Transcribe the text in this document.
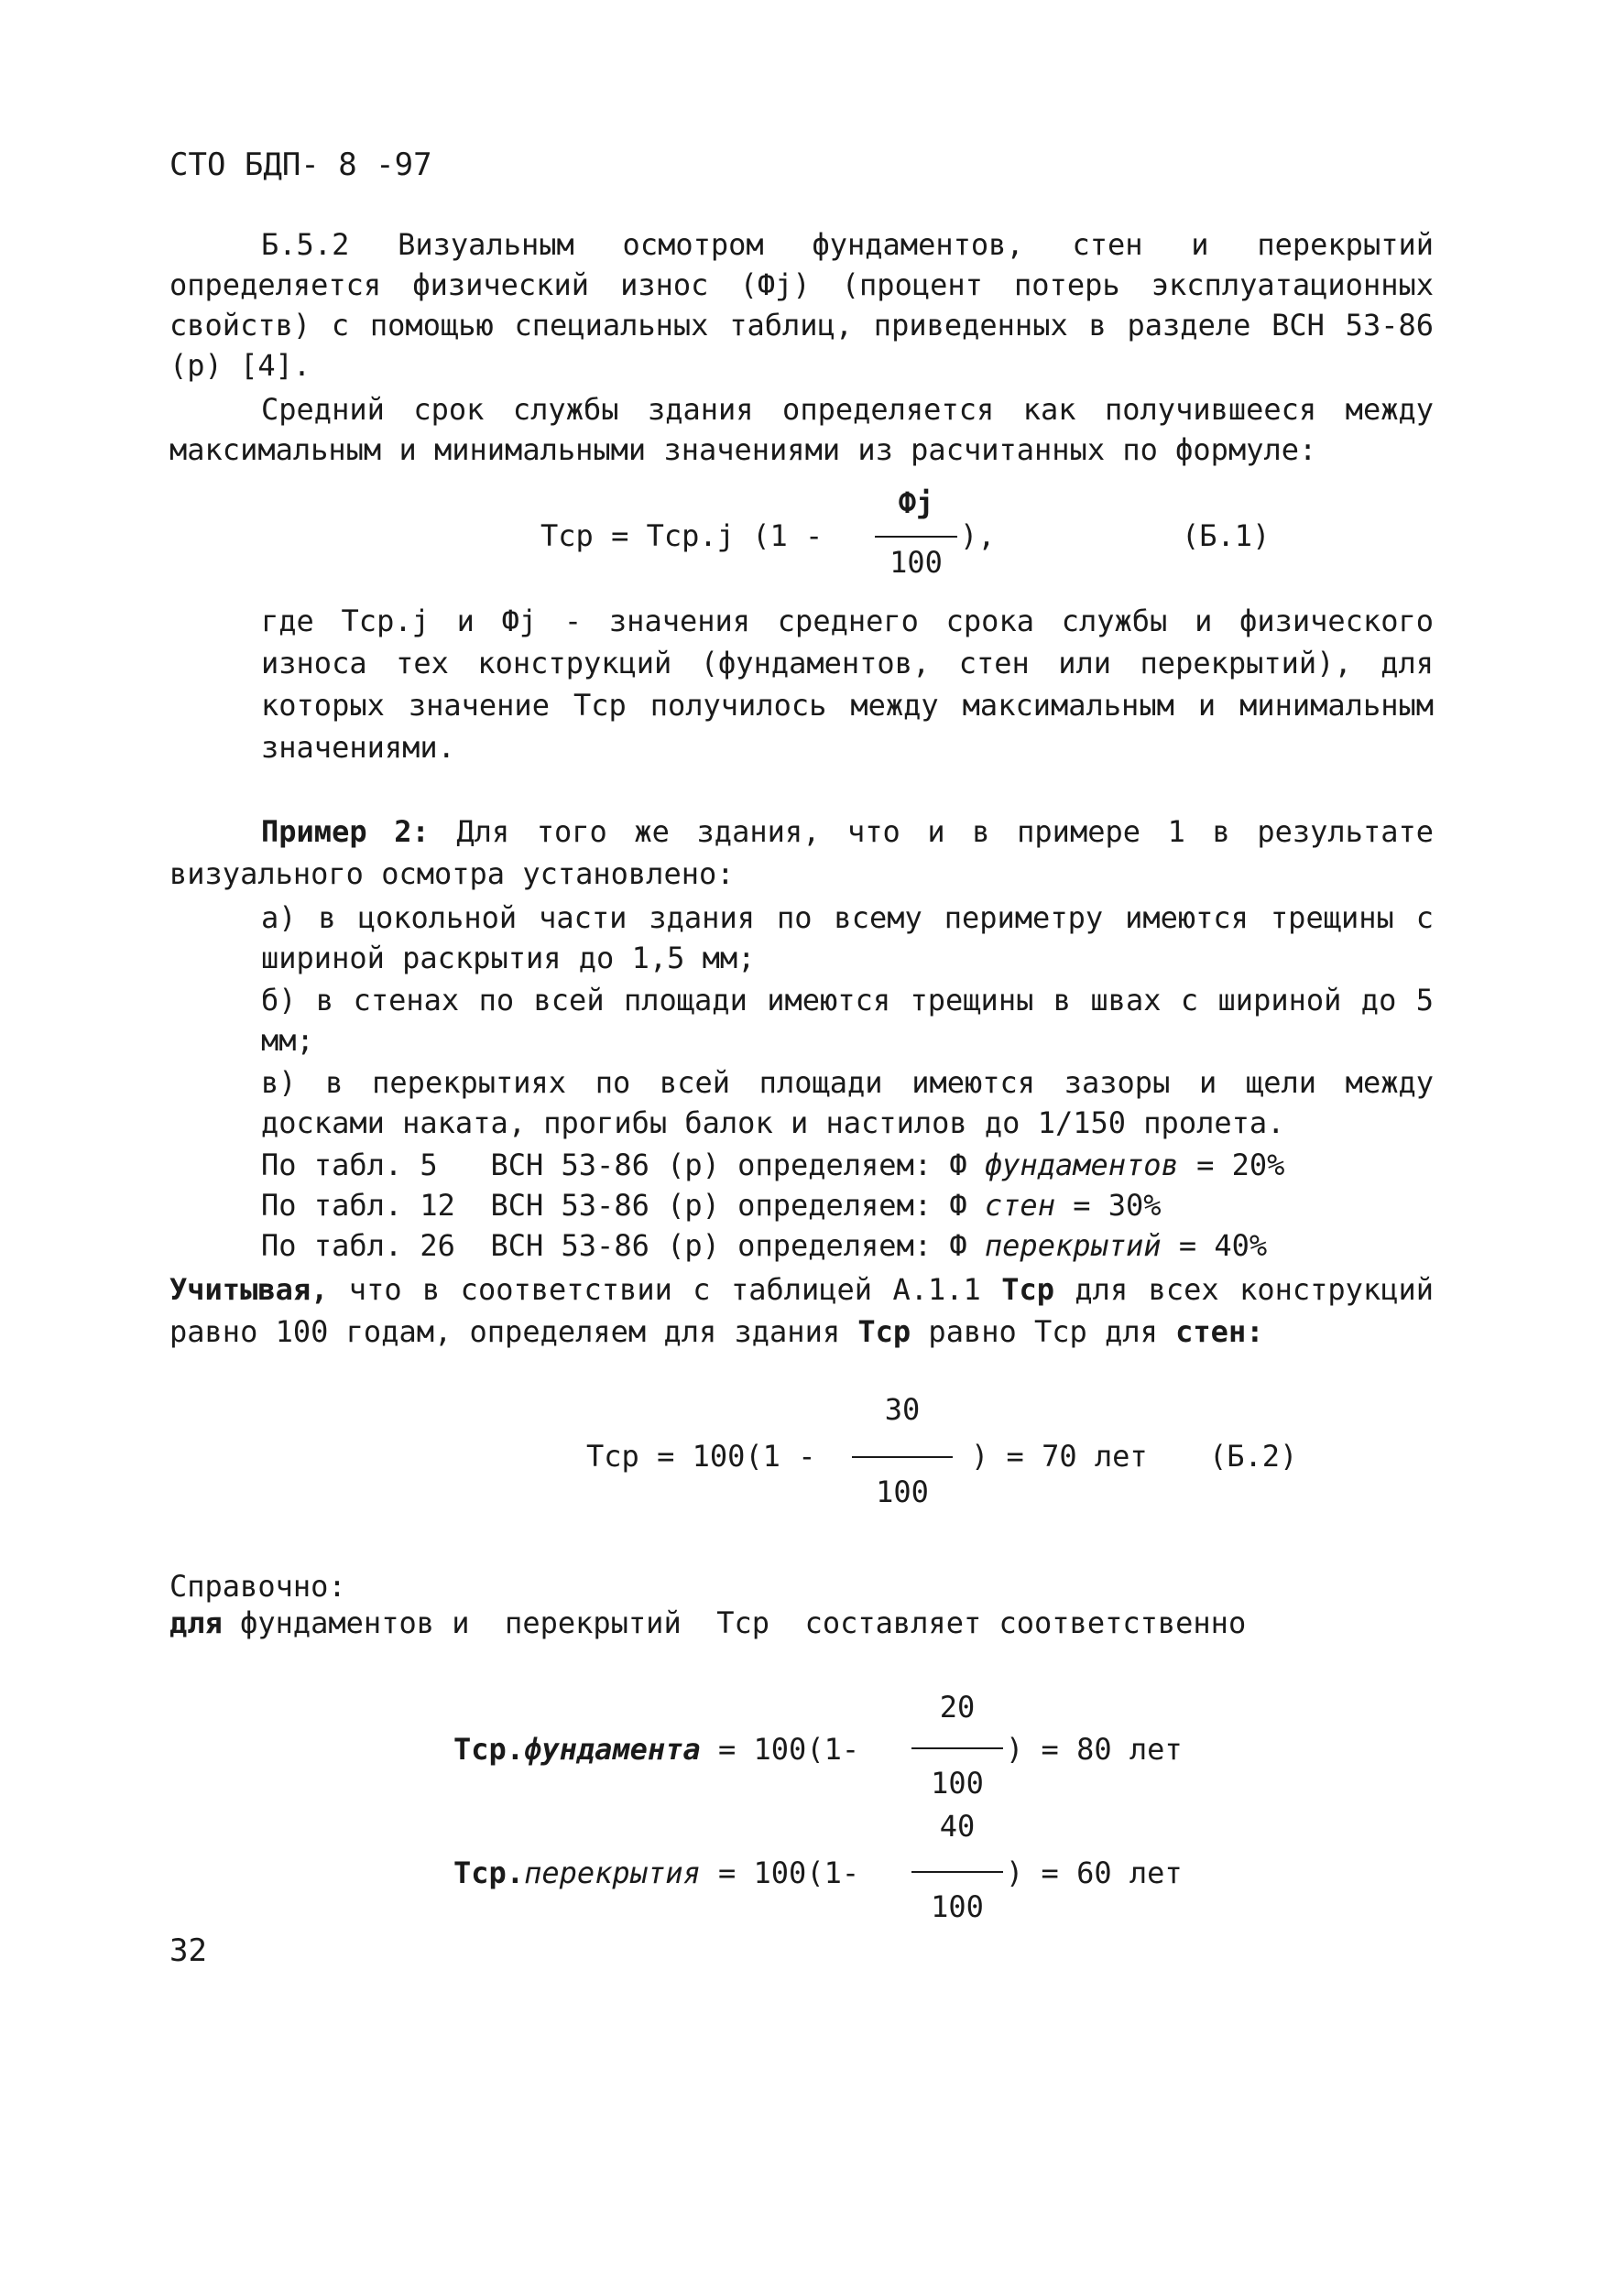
СТО БДП- 8 -97

Б.5.2 Визуальным осмотром фундаментов, стен и перекрытий определяется физический износ (Фj) (процент потерь эксплуатационных свойств) с помощью специальных таблиц, приведенных в разделе ВСН 53-86 (р) [4].

Средний срок службы здания определяется как получившееся между максимальным и минимальными значениями из расчитанных по формуле:

Тср = Тср.j (1 -
Фj
100
),	(Б.1)

где Тср.j и Фj - значения среднего срока службы и физического износа тех конструкций (фундаментов, стен или перекрытий), для которых значение Тср получилось между максимальным и минимальным значениями.

Пример 2: Для того же здания, что и в примере 1 в результате визуального осмотра установлено:

а) в цокольной части здания по всему периметру имеются трещины с шириной раскрытия до 1,5 мм;

б) в стенах по всей площади имеются трещины в швах с шириной до 5 мм;

в) в перекрытиях по всей площади имеются зазоры и щели между досками наката, прогибы балок и настилов до 1/150 пролета.

По табл. 5   ВСН 53-86 (р) определяем: Ф фундаментов = 20%
По табл. 12  ВСН 53-86 (р) определяем: Ф стен = 30%
По табл. 26  ВСН 53-86 (р) определяем: Ф перекрытий = 40%

Учитывая, что в соответствии с таблицей А.1.1 Тср для всех конструкций равно 100 годам, определяем для здания Тср равно Тср для стен:

Тср = 100(1 -
30
100
) = 70 лет (Б.2)
Справочно:
для фундаментов и  перекрытий  Тср  составляет соответственно
Тср.фундамента = 100(1-
20
100
) = 80 лет
Тср.перекрытия = 100(1-
40
100
) = 60 лет
32
